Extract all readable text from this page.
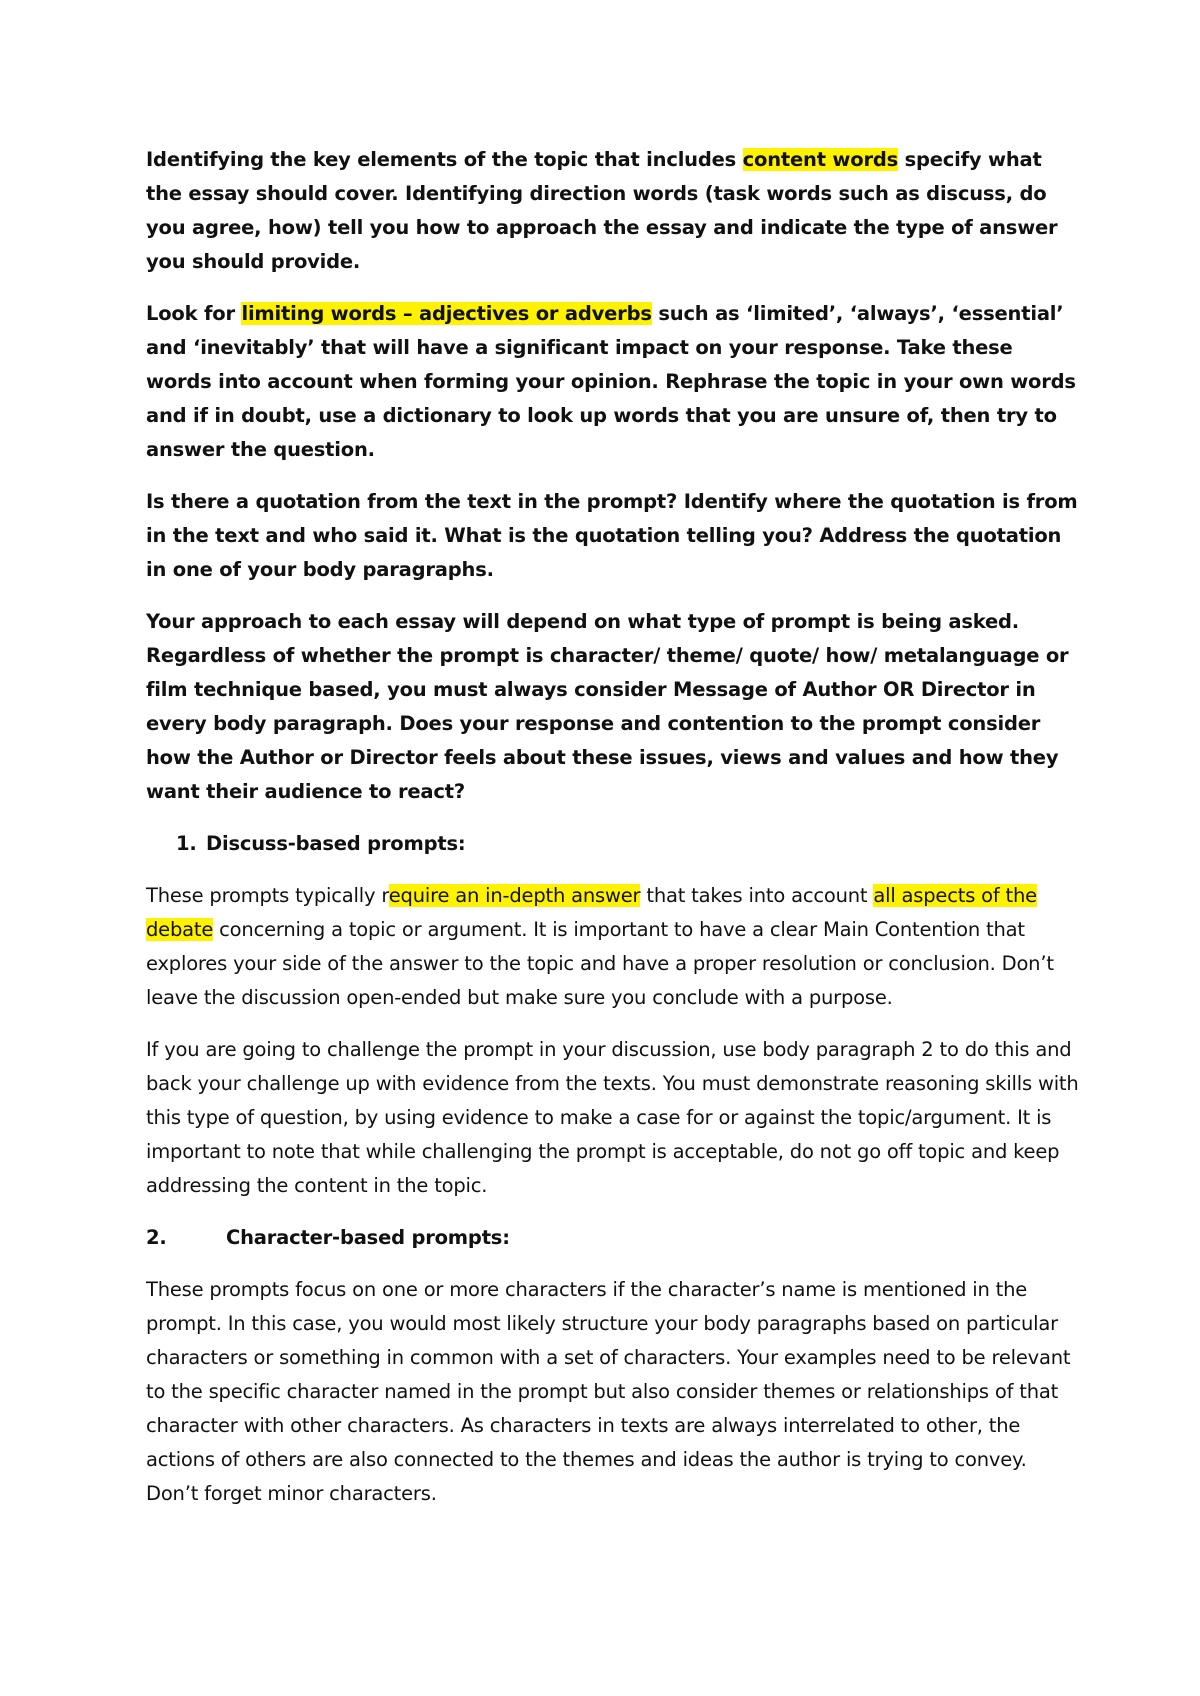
Identifying the key elements of the topic that includes content words specify what the essay should cover. Identifying direction words (task words such as discuss, do you agree, how) tell you how to approach the essay and indicate the type of answer you should provide.

Look for limiting words – adjectives or adverbs such as ‘limited’, ‘always’, ‘essential’ and ‘inevitably’ that will have a significant impact on your response. Take these words into account when forming your opinion. Rephrase the topic in your own words and if in doubt, use a dictionary to look up words that you are unsure of, then try to answer the question.

Is there a quotation from the text in the prompt? Identify where the quotation is from in the text and who said it. What is the quotation telling you? Address the quotation in one of your body paragraphs.

Your approach to each essay will depend on what type of prompt is being asked. Regardless of whether the prompt is character/ theme/ quote/ how/ metalanguage or film technique based, you must always consider Message of Author OR Director in every body paragraph. Does your response and contention to the prompt consider how the Author or Director feels about these issues, views and values and how they want their audience to react?

1. Discuss-based prompts:

These prompts typically require an in-depth answer that takes into account all aspects of the debate concerning a topic or argument. It is important to have a clear Main Contention that explores your side of the answer to the topic and have a proper resolution or conclusion. Don’t leave the discussion open-ended but make sure you conclude with a purpose.

If you are going to challenge the prompt in your discussion, use body paragraph 2 to do this and back your challenge up with evidence from the texts. You must demonstrate reasoning skills with this type of question, by using evidence to make a case for or against the topic/argument. It is important to note that while challenging the prompt is acceptable, do not go off topic and keep addressing the content in the topic.

2.	Character-based prompts:

These prompts focus on one or more characters if the character’s name is mentioned in the prompt. In this case, you would most likely structure your body paragraphs based on particular characters or something in common with a set of characters. Your examples need to be relevant to the specific character named in the prompt but also consider themes or relationships of that character with other characters. As characters in texts are always interrelated to other, the actions of others are also connected to the themes and ideas the author is trying to convey. Don’t forget minor characters.
